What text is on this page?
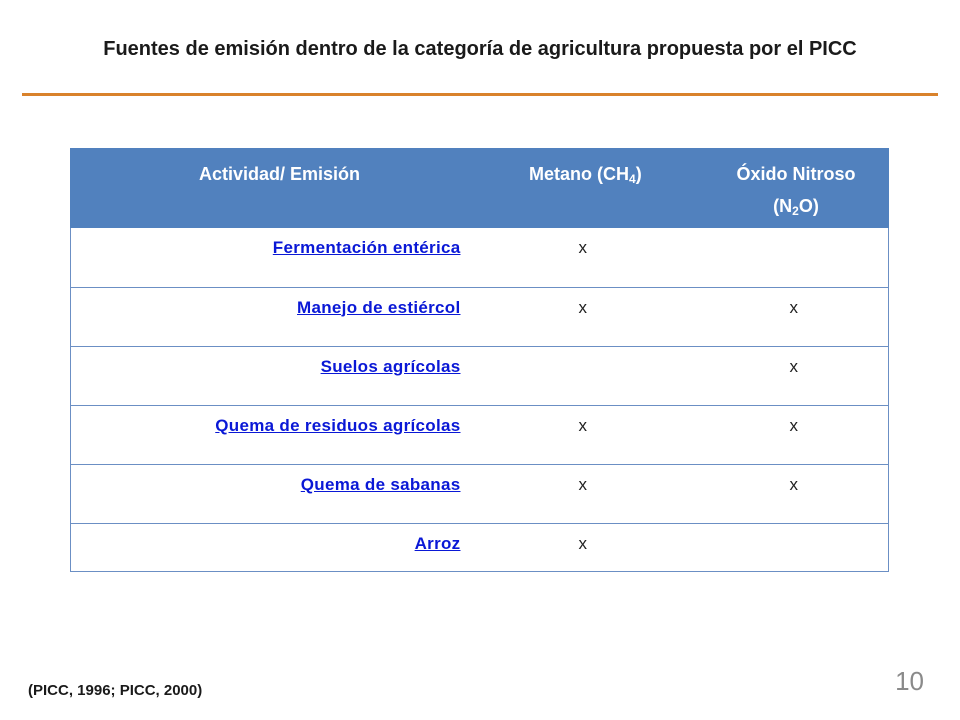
Fuentes de emisión dentro de la categoría de agricultura propuesta por el PICC
Actividad/ Emisión	Metano $(CH_4)$	Óxido Nitroso
$(N_2O)$
Fermentación entérica	x	
Manejo de estiércol	x	x
Suelos agrícolas		x
Quema de residuos agrícolas	x	x
Quema de sabanas	x	x
Arroz	x	
(PICC, 1996; PICC, 2000)	10
